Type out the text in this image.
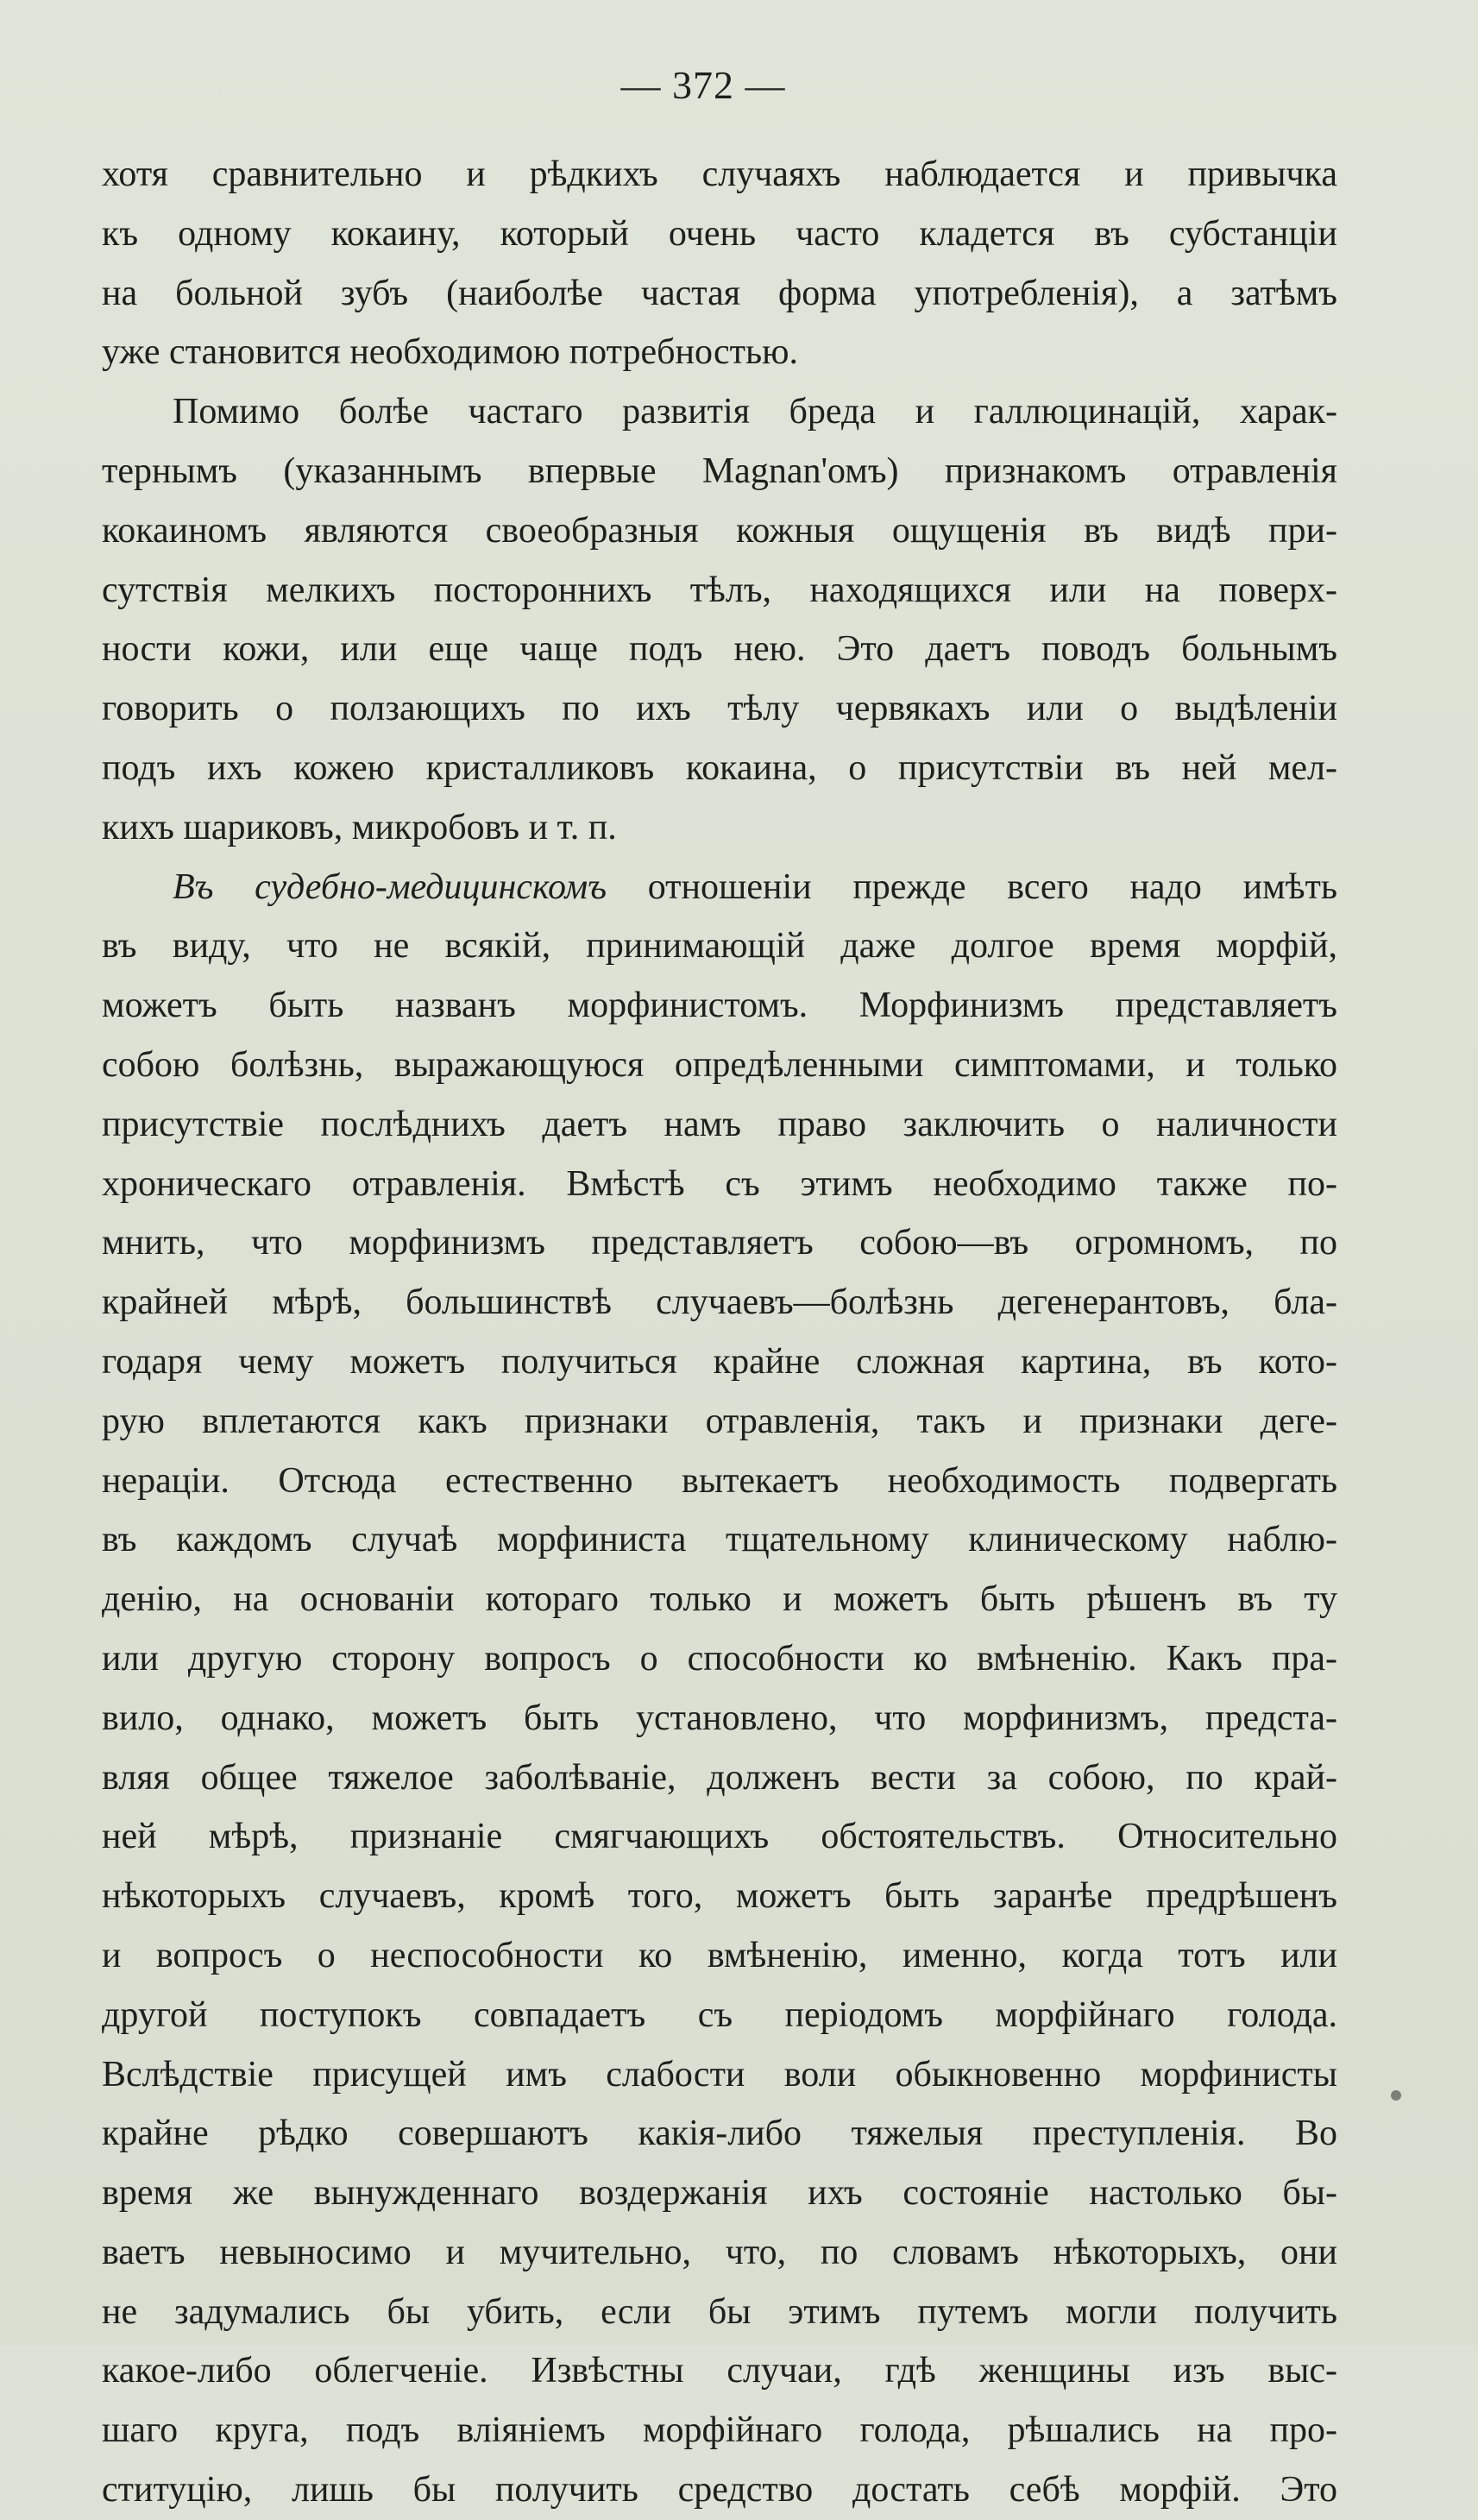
— 372 —
хотя сравнительно и рѣдкихъ случаяхъ наблюдается и привычка
къ одному кокаину, который очень часто кладется въ субстанціи
на больной зубъ (наиболѣе частая форма употребленія), а затѣмъ
уже становится необходимою потребностью.
Помимо болѣе частаго развитія бреда и галлюцинацій, харак-
тернымъ (указаннымъ впервые Magnan'омъ) признакомъ отравленія
кокаиномъ являются своеобразныя кожныя ощущенія въ видѣ при-
сутствія мелкихъ постороннихъ тѣлъ, находящихся или на поверх-
ности кожи, или еще чаще подъ нею. Это даетъ поводъ больнымъ
говорить о ползающихъ по ихъ тѣлу червякахъ или о выдѣленіи
подъ ихъ кожею кристалликовъ кокаина, о присутствіи въ ней мел-
кихъ шариковъ, микробовъ и т. п.
Въ судебно-медицинскомъ отношеніи прежде всего надо имѣть
въ виду, что не всякій, принимающій даже долгое время морфій,
можетъ быть названъ морфинистомъ. Морфинизмъ представляетъ
собою болѣзнь, выражающуюся опредѣленными симптомами, и только
присутствіе послѣднихъ даетъ намъ право заключить о наличности
хроническаго отравленія. Вмѣстѣ съ этимъ необходимо также по-
мнить, что морфинизмъ представляетъ собою—въ огромномъ, по
крайней мѣрѣ, большинствѣ случаевъ—болѣзнь дегенерантовъ, бла-
годаря чему можетъ получиться крайне сложная картина, въ кото-
рую вплетаются какъ признаки отравленія, такъ и признаки деге-
нераціи. Отсюда естественно вытекаетъ необходимость подвергать
въ каждомъ случаѣ морфиниста тщательному клиническому наблю-
денію, на основаніи котораго только и можетъ быть рѣшенъ въ ту
или другую сторону вопросъ о способности ко вмѣненію. Какъ пра-
вило, однако, можетъ быть установлено, что морфинизмъ, предста-
вляя общее тяжелое заболѣваніе, долженъ вести за собою, по край-
ней мѣрѣ, признаніе смягчающихъ обстоятельствъ. Относительно
нѣкоторыхъ случаевъ, кромѣ того, можетъ быть заранѣе предрѣшенъ
и вопросъ о неспособности ко вмѣненію, именно, когда тотъ или
другой поступокъ совпадаетъ съ періодомъ морфійнаго голода.
Вслѣдствіе присущей имъ слабости воли обыкновенно морфинисты
крайне рѣдко совершаютъ какія-либо тяжелыя преступленія. Во
время же вынужденнаго воздержанія ихъ состояніе настолько бы-
ваетъ невыносимо и мучительно, что, по словамъ нѣкоторыхъ, они
не задумались бы убить, если бы этимъ путемъ могли получить
какое-либо облегченіе. Извѣстны случаи, гдѣ женщины изъ выс-
шаго круга, подъ вліяніемъ морфійнаго голода, рѣшались на про-
ституцію, лишь бы получить средство достать себѣ морфій. Это
